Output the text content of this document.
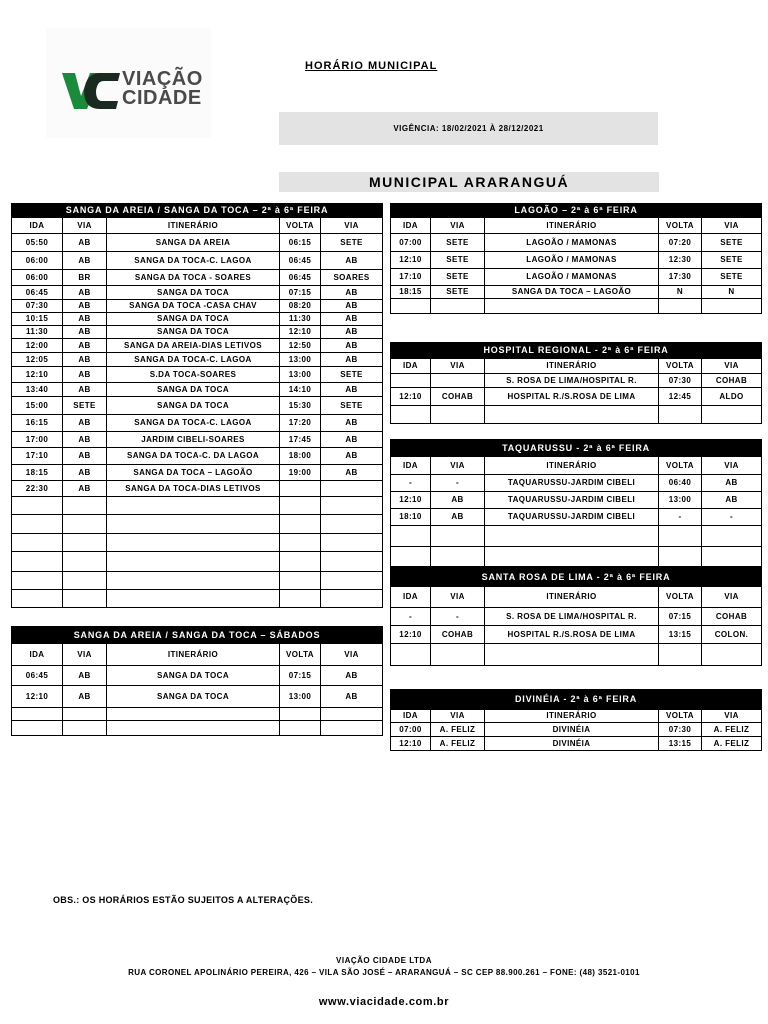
VIAÇÃO
CIDADE
HORÁRIO MUNICIPAL
VIGÊNCIA: 18/02/2021 À 28/12/2021
MUNICIPAL ARARANGUÁ
SANGA DA AREIA / SANGA DA TOCA – 2ª à 6ª FEIRA				
IDA	VIA	ITINERÁRIO	VOLTA	VIA
05:50	AB	SANGA DA AREIA	06:15	SETE
06:00	AB	SANGA DA TOCA-C. LAGOA	06:45	AB
06:00	BR	SANGA DA TOCA - SOARES	06:45	SOARES
06:45	AB	SANGA DA TOCA	07:15	AB
07:30	AB	SANGA DA TOCA -CASA CHAV	08:20	AB
10:15	AB	SANGA DA TOCA	11:30	AB
11:30	AB	SANGA DA TOCA	12:10	AB
12:00	AB	SANGA DA AREIA-DIAS LETIVOS	12:50	AB
12:05	AB	SANGA DA TOCA-C. LAGOA	13:00	AB
12:10	AB	S.DA TOCA-SOARES	13:00	SETE
13:40	AB	SANGA DA TOCA	14:10	AB
15:00	SETE	SANGA DA TOCA	15:30	SETE
16:15	AB	SANGA DA TOCA-C. LAGOA	17:20	AB
17:00	AB	JARDIM CIBELI-SOARES	17:45	AB
17:10	AB	SANGA DA TOCA-C. DA LAGOA	18:00	AB
18:15	AB	SANGA DA TOCA – LAGOÃO	19:00	AB
22:30	AB	SANGA DA TOCA-DIAS LETIVOS		

SANGA DA AREIA / SANGA DA TOCA – SÁBADOS				
IDA	VIA	ITINERÁRIO	VOLTA	VIA
06:45	AB	SANGA DA TOCA	07:15	AB
12:10	AB	SANGA DA TOCA	13:00	AB

LAGOÃO – 2ª à 6ª FEIRA				
IDA	VIA	ITINERÁRIO	VOLTA	VIA
07:00	SETE	LAGOÃO / MAMONAS	07:20	SETE
12:10	SETE	LAGOÃO / MAMONAS	12:30	SETE
17:10	SETE	LAGOÃO / MAMONAS	17:30	SETE
18:15	SETE	SANGA DA TOCA – LAGOÃO	N	N

HOSPITAL REGIONAL - 2ª à 6ª FEIRA				
IDA	VIA	ITINERÁRIO	VOLTA	VIA
		S. ROSA DE LIMA/HOSPITAL R.	07:30	COHAB
12:10	COHAB	HOSPITAL R./S.ROSA DE LIMA	12:45	ALDO

TAQUARUSSU - 2ª à 6ª FEIRA				
IDA	VIA	ITINERÁRIO	VOLTA	VIA
-	-	TAQUARUSSU-JARDIM CIBELI	06:40	AB
12:10	AB	TAQUARUSSU-JARDIM CIBELI	13:00	AB
18:10	AB	TAQUARUSSU-JARDIM CIBELI	-	-

SANTA ROSA DE LIMA - 2ª à 6ª FEIRA				
IDA	VIA	ITINERÁRIO	VOLTA	VIA
-	-	S. ROSA DE LIMA/HOSPITAL R.	07:15	COHAB
12:10	COHAB	HOSPITAL R./S.ROSA DE LIMA	13:15	COLON.

DIVINÉIA - 2ª à 6ª FEIRA				
IDA	VIA	ITINERÁRIO	VOLTA	VIA
07:00	A. FELIZ	DIVINÉIA	07:30	A. FELIZ
12:10	A. FELIZ	DIVINÉIA	13:15	A. FELIZ
OBS.: OS HORÁRIOS ESTÃO SUJEITOS A ALTERAÇÕES.
VIAÇÃO CIDADE LTDA
RUA CORONEL APOLINÁRIO PEREIRA, 426 – VILA SÃO JOSÉ – ARARANGUÁ – SC CEP 88.900.261 – FONE: (48) 3521-0101
www.viacidade.com.br
